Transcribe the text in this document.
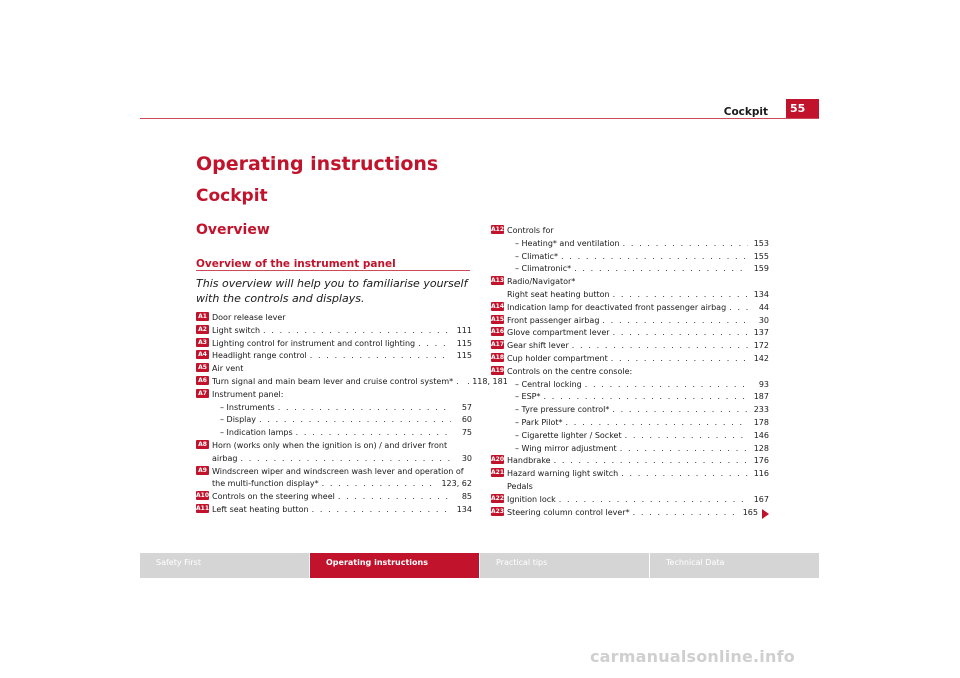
Cockpit	55
Operating instructions
Cockpit
Overview
Overview of the instrument panel
This overview will help you to familiarise yourself with the controls and displays.
A1 Door release lever
A2 Light switch . . .	111
A3 Lighting control for instrument and control lighting . . .	115
A4 Headlight range control . . .	115
A5 Air vent
A6 Turn signal and main beam lever and cruise control system* . . . . 118, 181
A7 Instrument panel:
– Instruments . . .	57
– Display . . .	60
– Indication lamps . . .	75
A8 Horn (works only when the ignition is on) / and driver front
airbag . . .	30
A9 Windscreen wiper and windscreen wash lever and operation of
the multi-function display* . . .	123, 62
A10 Controls on the steering wheel . . .	85
A11 Left seat heating button . . .	134
A12 Controls for
– Heating* and ventilation . . .	153
– Climatic* . . .	155
– Climatronic* . . .	159
A13 Radio/Navigator*
Right seat heating button . . .	134
A14 Indication lamp for deactivated front passenger airbag . . .	44
A15 Front passenger airbag . . .	30
A16 Glove compartment lever . . .	137
A17 Gear shift lever . . .	172
A18 Cup holder compartment . . .	142
A19 Controls on the centre console:
– Central locking . . .	93
– ESP* . . .	187
– Tyre pressure control* . . .	233
– Park Pilot* . . .	178
– Cigarette lighter / Socket . . .	146
– Wing mirror adjustment . . .	128
A20 Handbrake . . .	176
A21 Hazard warning light switch . . .	116
Pedals
A22 Ignition lock . . .	167
A23 Steering column control lever* . . .	165
Safety First	Operating instructions	Practical tips	Technical Data
carmanualsonline.info
